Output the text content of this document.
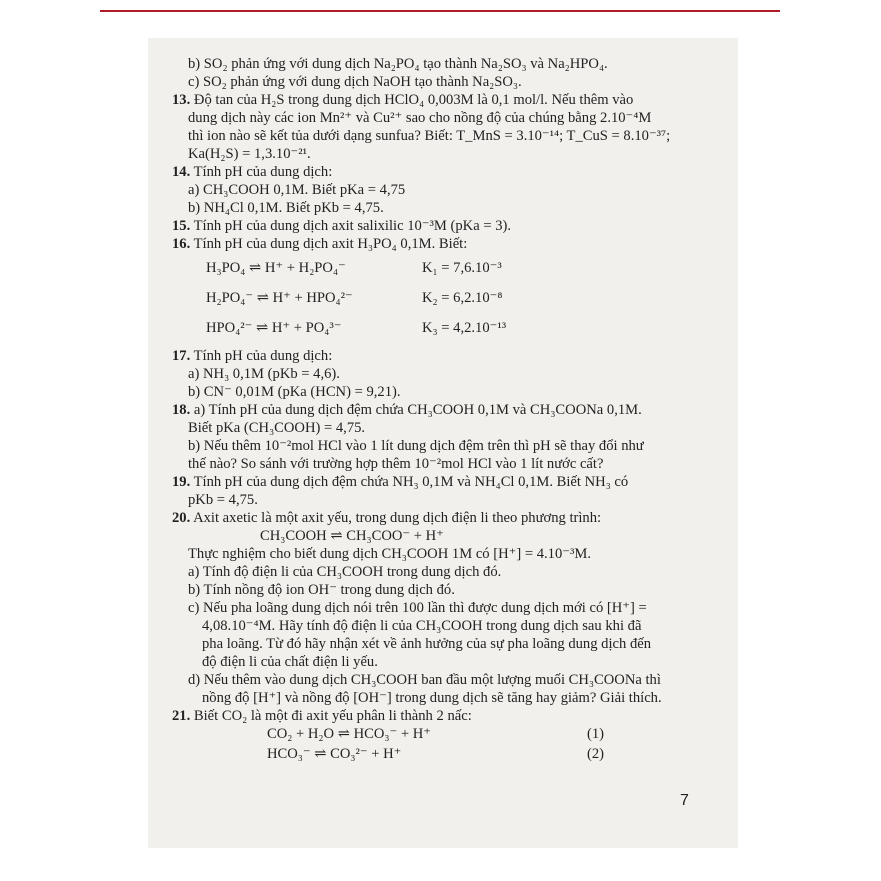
b) SO₂ phản ứng với dung dịch Na₂PO₄ tạo thành Na₂SO₃ và Na₂HPO₄.

c) SO₂ phản ứng với dung dịch NaOH tạo thành Na₂SO₃.

13. Độ tan của H₂S trong dung dịch HClO₄ 0,003M là 0,1 mol/l. Nếu thêm vào

dung dịch này các ion Mn²⁺ và Cu²⁺ sao cho nồng độ của chúng bằng 2.10⁻⁴M

thì ion nào sẽ kết tủa dưới dạng sunfua? Biết: T_MnS = 3.10⁻¹⁴; T_CuS = 8.10⁻³⁷;

Ka(H₂S) = 1,3.10⁻²¹.

14. Tính pH của dung dịch:

a) CH₃COOH 0,1M. Biết pKa = 4,75

b) NH₄Cl 0,1M. Biết pKb = 4,75.

15. Tính pH của dung dịch axit salixilic 10⁻³M (pKa = 3).

16. Tính pH của dung dịch axit H₃PO₄ 0,1M. Biết:

H₃PO₄ ⇌ H⁺ + H₂PO₄⁻	K₁ = 7,6.10⁻³
H₂PO₄⁻ ⇌ H⁺ + HPO₄²⁻	K₂ = 6,2.10⁻⁸
HPO₄²⁻ ⇌ H⁺ + PO₄³⁻	K₃ = 4,2.10⁻¹³

17. Tính pH của dung dịch:

a) NH₃ 0,1M (pKb = 4,6).

b) CN⁻ 0,01M (pKa (HCN) = 9,21).

18. a) Tính pH của dung dịch đệm chứa CH₃COOH 0,1M và CH₃COONa 0,1M.

Biết pKa (CH₃COOH) = 4,75.

b) Nếu thêm 10⁻²mol HCl vào 1 lít dung dịch đệm trên thì pH sẽ thay đổi như

thế nào? So sánh với trường hợp thêm 10⁻²mol HCl vào 1 lít nước cất?

19. Tính pH của dung dịch đệm chứa NH₃ 0,1M và NH₄Cl 0,1M. Biết NH₃ có

pKb = 4,75.

20. Axit axetic là một axit yếu, trong dung dịch điện li theo phương trình:

CH₃COOH ⇌ CH₃COO⁻ + H⁺

Thực nghiệm cho biết dung dịch CH₃COOH 1M có [H⁺] = 4.10⁻³M.

a) Tính độ điện li của CH₃COOH trong dung dịch đó.

b) Tính nồng độ ion OH⁻ trong dung dịch đó.

c) Nếu pha loãng dung dịch nói trên 100 lần thì được dung dịch mới có [H⁺] =

4,08.10⁻⁴M. Hãy tính độ điện li của CH₃COOH trong dung dịch sau khi đã

pha loãng. Từ đó hãy nhận xét về ảnh hưởng của sự pha loãng dung dịch đến

độ điện li của chất điện li yếu.

d) Nếu thêm vào dung dịch CH₃COOH ban đầu một lượng muối CH₃COONa thì

nồng độ [H⁺] và nồng độ [OH⁻] trong dung dịch sẽ tăng hay giảm? Giải thích.

21. Biết CO₂ là một đi axit yếu phân li thành 2 nấc:

CO₂ + H₂O ⇌ HCO₃⁻ + H⁺	(1)
HCO₃⁻ ⇌ CO₃²⁻ + H⁺	(2)
7
